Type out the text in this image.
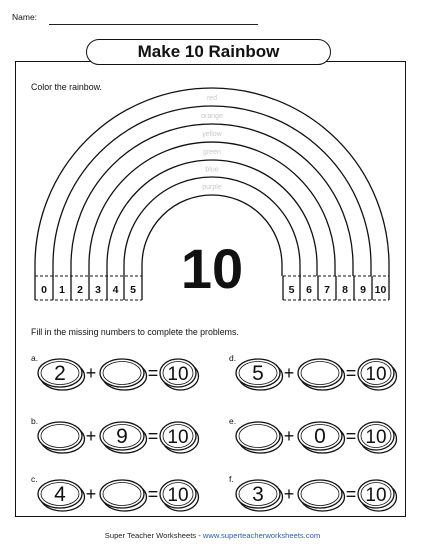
Name:
Make 10 Rainbow
Color the rainbow.
Fill in the missing numbers to complete the problems.
red
orange
yellow
green
blue
purple
0 1 2 3 4 5	5 6 7 8 9 10
10
a.
2 +	= 10
b.
+ 9 = 10
c.
4 +	= 10
d.
5 +	= 10
e.
+ 0 = 10
f.
3 +	= 10
Super Teacher Worksheets - www.superteacherworksheets.com
